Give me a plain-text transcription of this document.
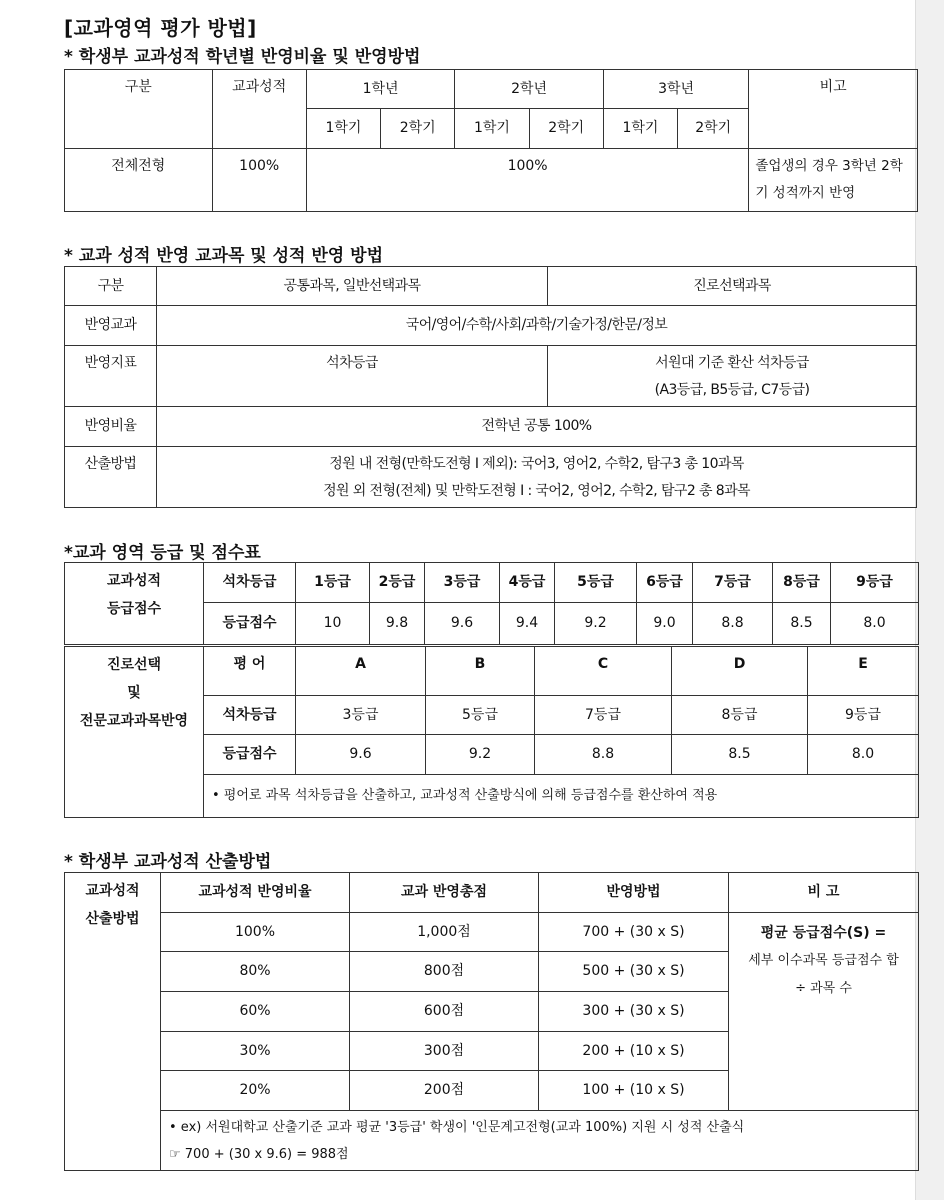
[교과영역 평가 방법]
* 학생부 교과성적 학년별 반영비율 및 반영방법
구분	교과성적	1학년		2학년		3학년		비고
		1학기	2학기	1학기	2학기	1학기	2학기	
전체전형	100%	100%						졸업생의 경우 3학년 2학
기 성적까지 반영
* 교과 성적 반영 교과목 및 성적 반영 방법
구분	공통과목, 일반선택과목	진로선택과목
반영교과	국어/영어/수학/사회/과학/기술가정/한문/정보	
반영지표	석차등급	서원대 기준 환산 석차등급
(A3등급, B5등급, C7등급)

반영비율	전학년 공통 100%	
산출방법	정원 내 전형(만학도전형 I 제외): 국어3, 영어2, 수학2, 탐구3 총 10과목
정원 외 전형(전체) 및 만학도전형 I : 국어2, 영어2, 수학2, 탐구2 총 8과목	
*교과 영역 등급 및 점수표
교과성적
등급점수	석차등급	1등급	2등급	3등급	4등급	5등급	6등급	7등급	8등급	9등급
	등급점수	10	9.8	9.6	9.4	9.2	9.0	8.8	8.5	8.0
진로선택
및
전문교과과목반영	평 어	A	B	C	D	E
	석차등급	3등급	5등급	7등급	8등급	9등급
	등급점수	9.6	9.2	8.8	8.5	8.0
	• 평어로 과목 석차등급을 산출하고, 교과성적 산출방식에 의해 등급점수를 환산하여 적용					
* 학생부 교과성적 산출방법
교과성적
산출방법	교과성적 반영비율	교과 반영총점	반영방법	비 고
	100%	1,000점	700 + (30 x S)	평균 등급점수(S) =
세부 이수과목 등급점수 합
÷ 과목 수

	80%	800점	500 + (30 x S)	
	60%	600점	300 + (30 x S)	
	30%	300점	200 + (10 x S)	
	20%	200점	100 + (10 x S)	

	• ex) 서원대학교 산출기준 교과 평균 '3등급' 학생이 '인문계고전형(교과 100%) 지원 시 성적 산출식
☞ 700 + (30 x 9.6) = 988점			
